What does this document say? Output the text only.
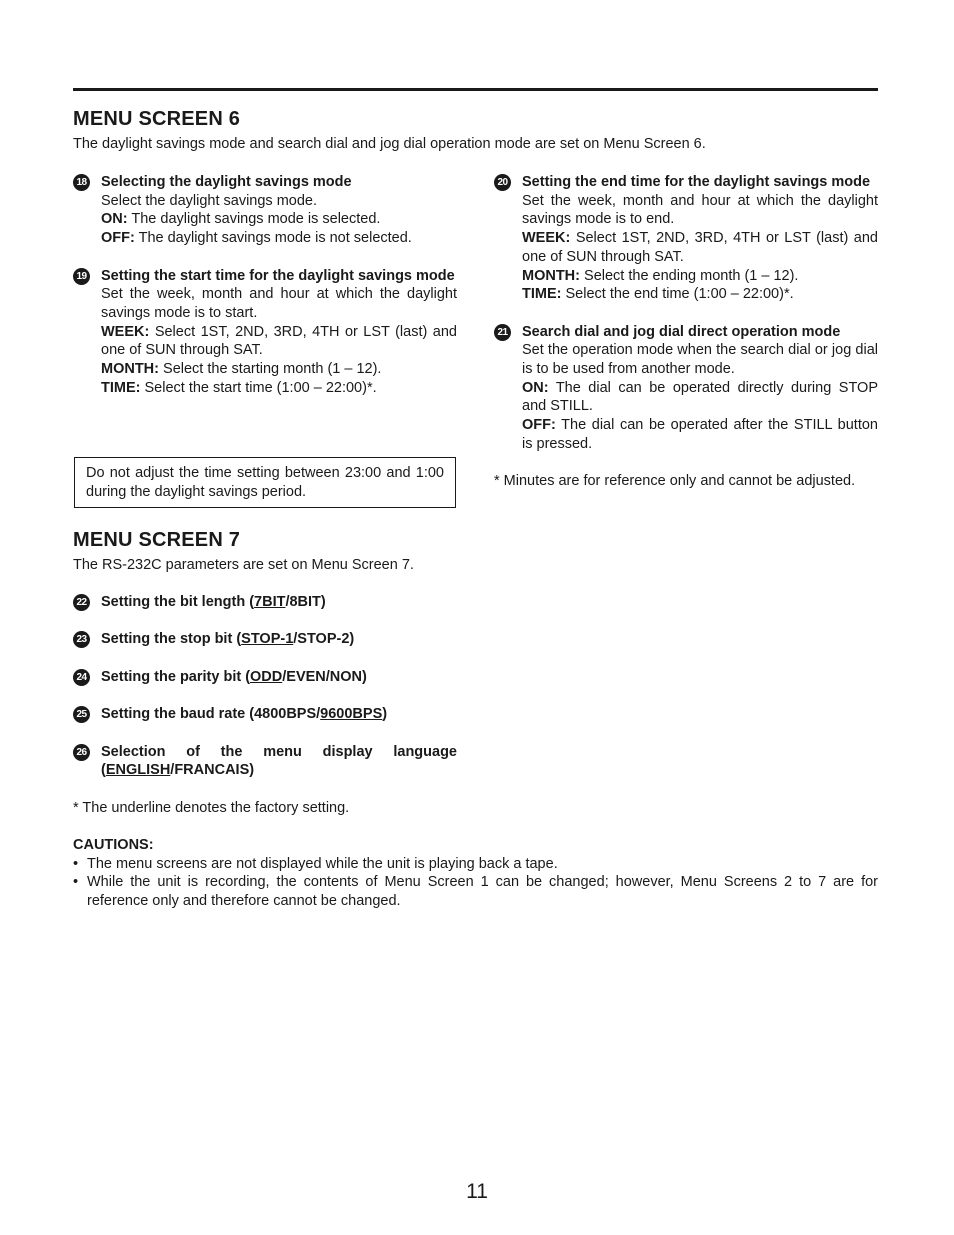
MENU SCREEN 6
The daylight savings mode and search dial and jog dial operation mode are set on Menu Screen 6.
18 Selecting the daylight savings mode
Select the daylight savings mode.
ON: The daylight savings mode is selected.
OFF: The daylight savings mode is not selected.
19 Setting the start time for the daylight savings mode
Set the week, month and hour at which the daylight savings mode is to start.
WEEK: Select 1ST, 2ND, 3RD, 4TH or LST (last) and one of SUN through SAT.
MONTH: Select the starting month (1 – 12).
TIME: Select the start time (1:00 – 22:00)*.
Do not adjust the time setting between 23:00 and 1:00 during the daylight savings period.
20 Setting the end time for the daylight savings mode
Set the week, month and hour at which the daylight savings mode is to end.
WEEK: Select 1ST, 2ND, 3RD, 4TH or LST (last) and one of SUN through SAT.
MONTH: Select the ending month (1 – 12).
TIME: Select the end time (1:00 – 22:00)*.
21 Search dial and jog dial direct operation mode
Set the operation mode when the search dial or jog dial is to be used from another mode.
ON: The dial can be operated directly during STOP and STILL.
OFF: The dial can be operated after the STILL button is pressed.
* Minutes are for reference only and cannot be adjusted.
MENU SCREEN 7
The RS-232C parameters are set on Menu Screen 7.
22 Setting the bit length (7BIT/8BIT)
23 Setting the stop bit (STOP-1/STOP-2)
24 Setting the parity bit (ODD/EVEN/NON)
25 Setting the baud rate (4800BPS/9600BPS)
26 Selection of the menu display language
(ENGLISH/FRANCAIS)
* The underline denotes the factory setting.
CAUTIONS:
• The menu screens are not displayed while the unit is playing back a tape.
• While the unit is recording, the contents of Menu Screen 1 can be changed; however, Menu Screens 2 to 7 are for reference only and therefore cannot be changed.
11
